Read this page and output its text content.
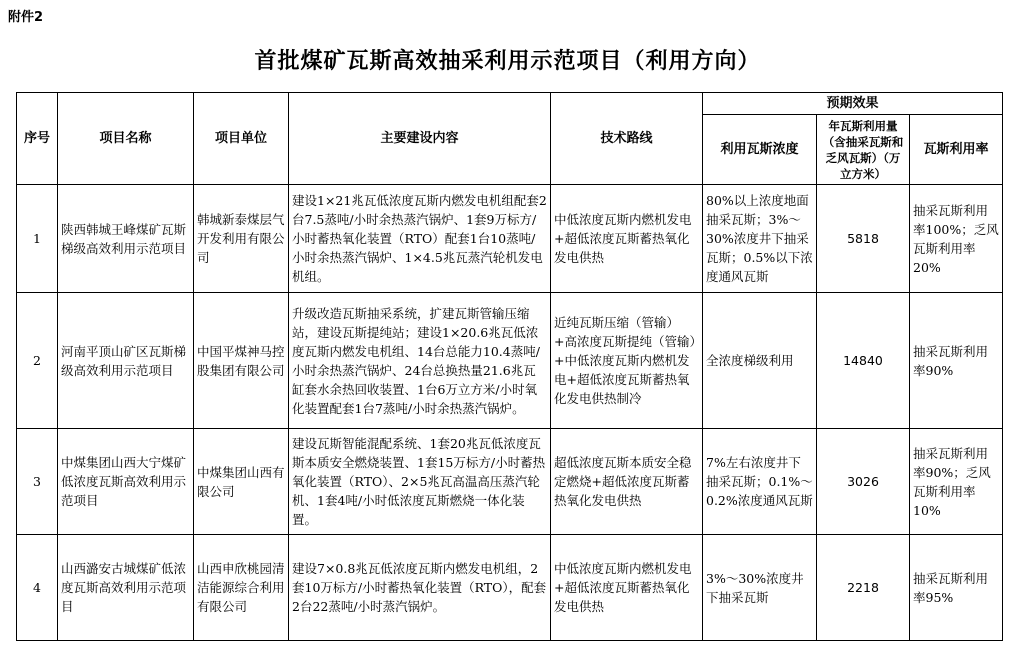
附件2
首批煤矿瓦斯高效抽采利用示范项目（利用方向）
序号	项目名称	项目单位	主要建设内容	技术路线	预期效果		
					利用瓦斯浓度	年瓦斯利用量（含抽采瓦斯和乏风瓦斯）（万立方米）	瓦斯利用率
1	陕西韩城王峰煤矿瓦斯梯级高效利用示范项目	韩城新泰煤层气开发利用有限公司	建设1×21兆瓦低浓度瓦斯内燃发电机组配套2台7.5蒸吨/小时余热蒸汽锅炉、1套9万标方/小时蓄热氧化装置（RTO）配套1台10蒸吨/小时余热蒸汽锅炉、1×4.5兆瓦蒸汽轮机发电机组。	中低浓度瓦斯内燃机发电+超低浓度瓦斯蓄热氧化发电供热	80%以上浓度地面抽采瓦斯；3%～30%浓度井下抽采瓦斯；0.5%以下浓度通风瓦斯	5818	抽采瓦斯利用率100%；乏风瓦斯利用率20%
2	河南平顶山矿区瓦斯梯级高效利用示范项目	中国平煤神马控股集团有限公司	升级改造瓦斯抽采系统，扩建瓦斯管输压缩站，建设瓦斯提纯站；建设1×20.6兆瓦低浓度瓦斯内燃发电机组、14台总能力10.4蒸吨/小时余热蒸汽锅炉、24台总换热量21.6兆瓦缸套水余热回收装置、1台6万立方米/小时氧化装置配套1台7蒸吨/小时余热蒸汽锅炉。	近纯瓦斯压缩（管输）+高浓度瓦斯提纯（管输）+中低浓度瓦斯内燃机发电+超低浓度瓦斯蓄热氧化发电供热制冷	全浓度梯级利用	14840	抽采瓦斯利用率90%
3	中煤集团山西大宁煤矿低浓度瓦斯高效利用示范项目	中煤集团山西有限公司	建设瓦斯智能混配系统、1套20兆瓦低浓度瓦斯本质安全燃烧装置、1套15万标方/小时蓄热氧化装置（RTO）、2×5兆瓦高温高压蒸汽轮机、1套4吨/小时低浓度瓦斯燃烧一体化装置。	超低浓度瓦斯本质安全稳定燃烧+超低浓度瓦斯蓄热氧化发电供热	7%左右浓度井下抽采瓦斯；0.1%～0.2%浓度通风瓦斯	3026	抽采瓦斯利用率90%；乏风瓦斯利用率10%
4	山西潞安古城煤矿低浓度瓦斯高效利用示范项目	山西申欣桃园清洁能源综合利用有限公司	建设7×0.8兆瓦低浓度瓦斯内燃发电机组，2套10万标方/小时蓄热氧化装置（RTO），配套2台22蒸吨/小时蒸汽锅炉。	中低浓度瓦斯内燃机发电+超低浓度瓦斯蓄热氧化发电供热	3%～30%浓度井下抽采瓦斯	2218	抽采瓦斯利用率95%
